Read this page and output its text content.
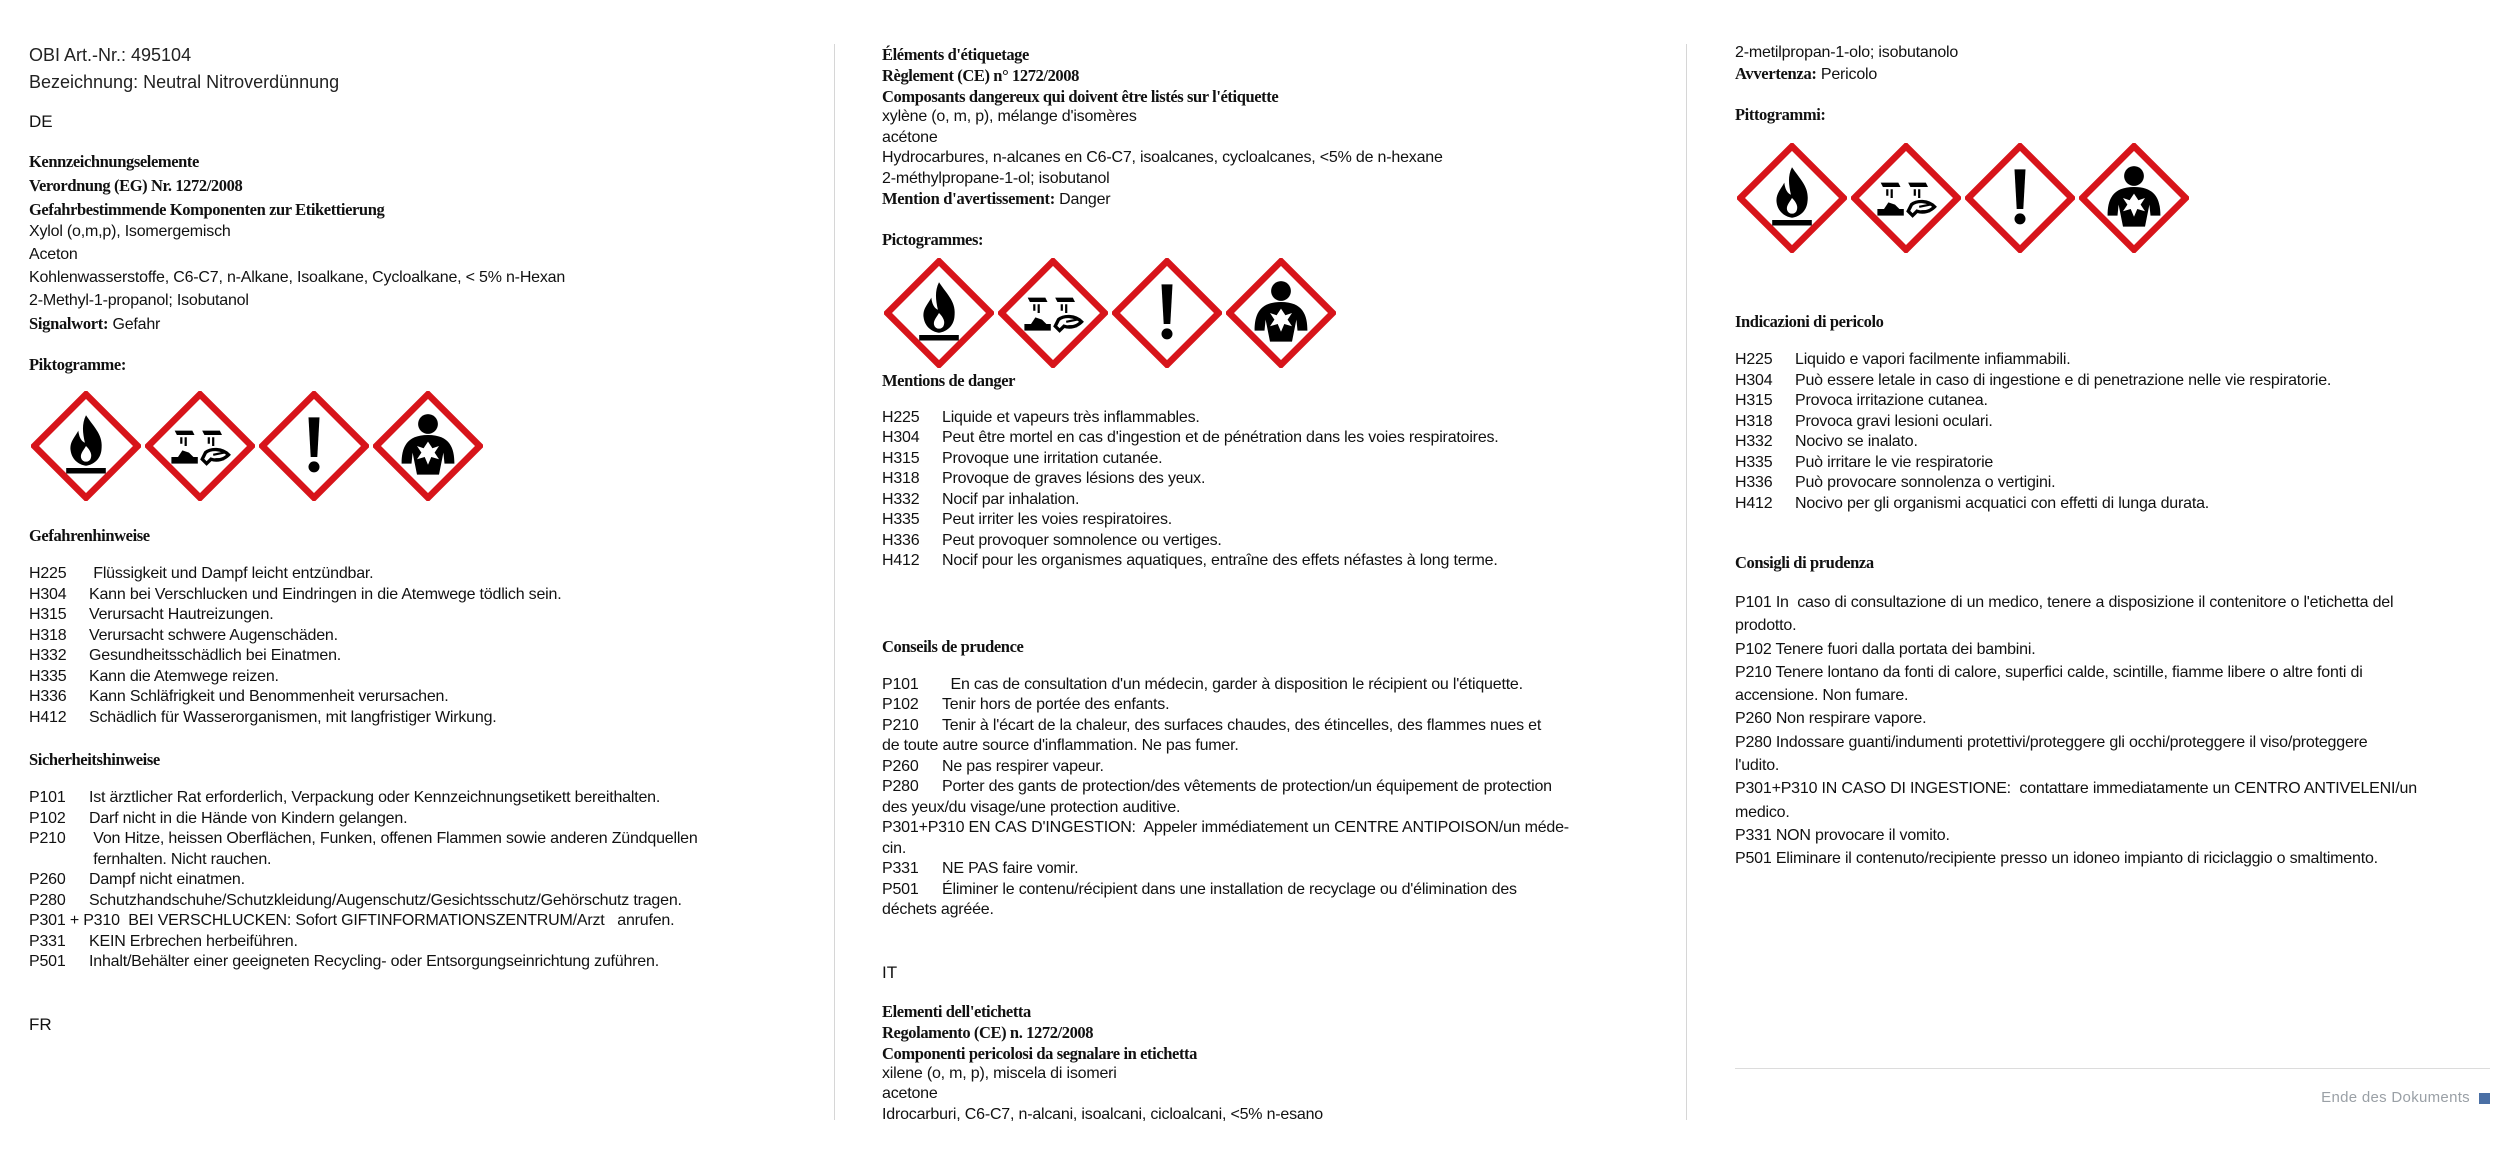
OBI Art.-Nr.: 495104
Bezeichnung: Neutral Nitroverdünnung
DE
Kennzeichnungselemente
Verordnung (EG) Nr. 1272/2008
Gefahrbestimmende Komponenten zur Etikettierung
Xylol (o,m,p), Isomergemisch
Aceton
Kohlenwasserstoffe, C6-C7, n-Alkane, Isoalkane, Cycloalkane, < 5% n-Hexan
2-Methyl-1-propanol; Isobutanol
Signalwort: Gefahr
Piktogramme:
Gefahrenhinweise
H225	Flüssigkeit und Dampf leicht entzündbar.
H304	Kann bei Verschlucken und Eindringen in die Atemwege tödlich sein.
H315	Verursacht Hautreizungen.
H318	Verursacht schwere Augenschäden.
H332	Gesundheitsschädlich bei Einatmen.
H335	Kann die Atemwege reizen.
H336	Kann Schläfrigkeit und Benommenheit verursachen.
H412	Schädlich für Wasserorganismen, mit langfristiger Wirkung.
Sicherheitshinweise
P101	Ist ärztlicher Rat erforderlich, Verpackung oder Kennzeichnungsetikett bereithalten.
P102	Darf nicht in die Hände von Kindern gelangen.
P210	Von Hitze, heissen Oberflächen, Funken, offenen Flammen sowie anderen Zündquellen
fernhalten. Nicht rauchen.
P260	Dampf nicht einatmen.
P280	Schutzhandschuhe/Schutzkleidung/Augenschutz/Gesichtsschutz/Gehörschutz tragen.
P301 + P310 BEI VERSCHLUCKEN: Sofort GIFTINFORMATIONSZENTRUM/Arzt   anrufen.
P331	KEIN Erbrechen herbeiführen.
P501	Inhalt/Behälter einer geeigneten Recycling- oder Entsorgungseinrichtung zuführen.
FR
Éléments d'étiquetage
Règlement (CE) n° 1272/2008
Composants dangereux qui doivent être listés sur l'étiquette
xylène (o, m, p), mélange d'isomères
acétone
Hydrocarbures, n-alcanes en C6-C7, isoalcanes, cycloalcanes, <5% de n-hexane
2-méthylpropane-1-ol; isobutanol
Mention d'avertissement: Danger
Pictogrammes:
Mentions de danger
H225	Liquide et vapeurs très inflammables.
H304	Peut être mortel en cas d'ingestion et de pénétration dans les voies respiratoires.
H315	Provoque une irritation cutanée.
H318	Provoque de graves lésions des yeux.
H332	Nocif par inhalation.
H335	Peut irriter les voies respiratoires.
H336	Peut provoquer somnolence ou vertiges.
H412	Nocif pour les organismes aquatiques, entraîne des effets néfastes à long terme.
Conseils de prudence
P101	En cas de consultation d'un médecin, garder à disposition le récipient ou l'étiquette.
P102	Tenir hors de portée des enfants.
P210	Tenir à l'écart de la chaleur, des surfaces chaudes, des étincelles, des flammes nues et
de toute autre source d'inflammation. Ne pas fumer.
P260	Ne pas respirer vapeur.
P280	Porter des gants de protection/des vêtements de protection/un équipement de protection
des yeux/du visage/une protection auditive.
P301+P310 EN CAS D'INGESTION:  Appeler immédiatement un CENTRE ANTIPOISON/un méde-
cin.
P331	NE PAS faire vomir.
P501	Éliminer le contenu/récipient dans une installation de recyclage ou d'élimination des
déchets agréée.
IT
Elementi dell'etichetta
Regolamento (CE) n. 1272/2008
Componenti pericolosi da segnalare in etichetta
xilene (o, m, p), miscela di isomeri
acetone
Idrocarburi, C6-C7, n-alcani, isoalcani, cicloalcani, <5% n-esano
2-metilpropan-1-olo; isobutanolo
Avvertenza: Pericolo
Pittogrammi:
Indicazioni di pericolo
H225	Liquido e vapori facilmente infiammabili.
H304	Può essere letale in caso di ingestione e di penetrazione nelle vie respiratorie.
H315	Provoca irritazione cutanea.
H318	Provoca gravi lesioni oculari.
H332	Nocivo se inalato.
H335	Può irritare le vie respiratorie
H336	Può provocare sonnolenza o vertigini.
H412	Nocivo per gli organismi acquatici con effetti di lunga durata.
Consigli di prudenza
P101 In  caso di consultazione di un medico, tenere a disposizione il contenitore o l'etichetta del
prodotto.
P102 Tenere fuori dalla portata dei bambini.
P210 Tenere lontano da fonti di calore, superfici calde, scintille, fiamme libere o altre fonti di
accensione. Non fumare.
P260 Non respirare vapore.
P280 Indossare guanti/indumenti protettivi/proteggere gli occhi/proteggere il viso/proteggere
l'udito.
P301+P310 IN CASO DI INGESTIONE:  contattare immediatamente un CENTRO ANTIVELENI/un
medico.
P331 NON provocare il vomito.
P501 Eliminare il contenuto/recipiente presso un idoneo impianto di riciclaggio o smaltimento.
Ende des Dokuments
